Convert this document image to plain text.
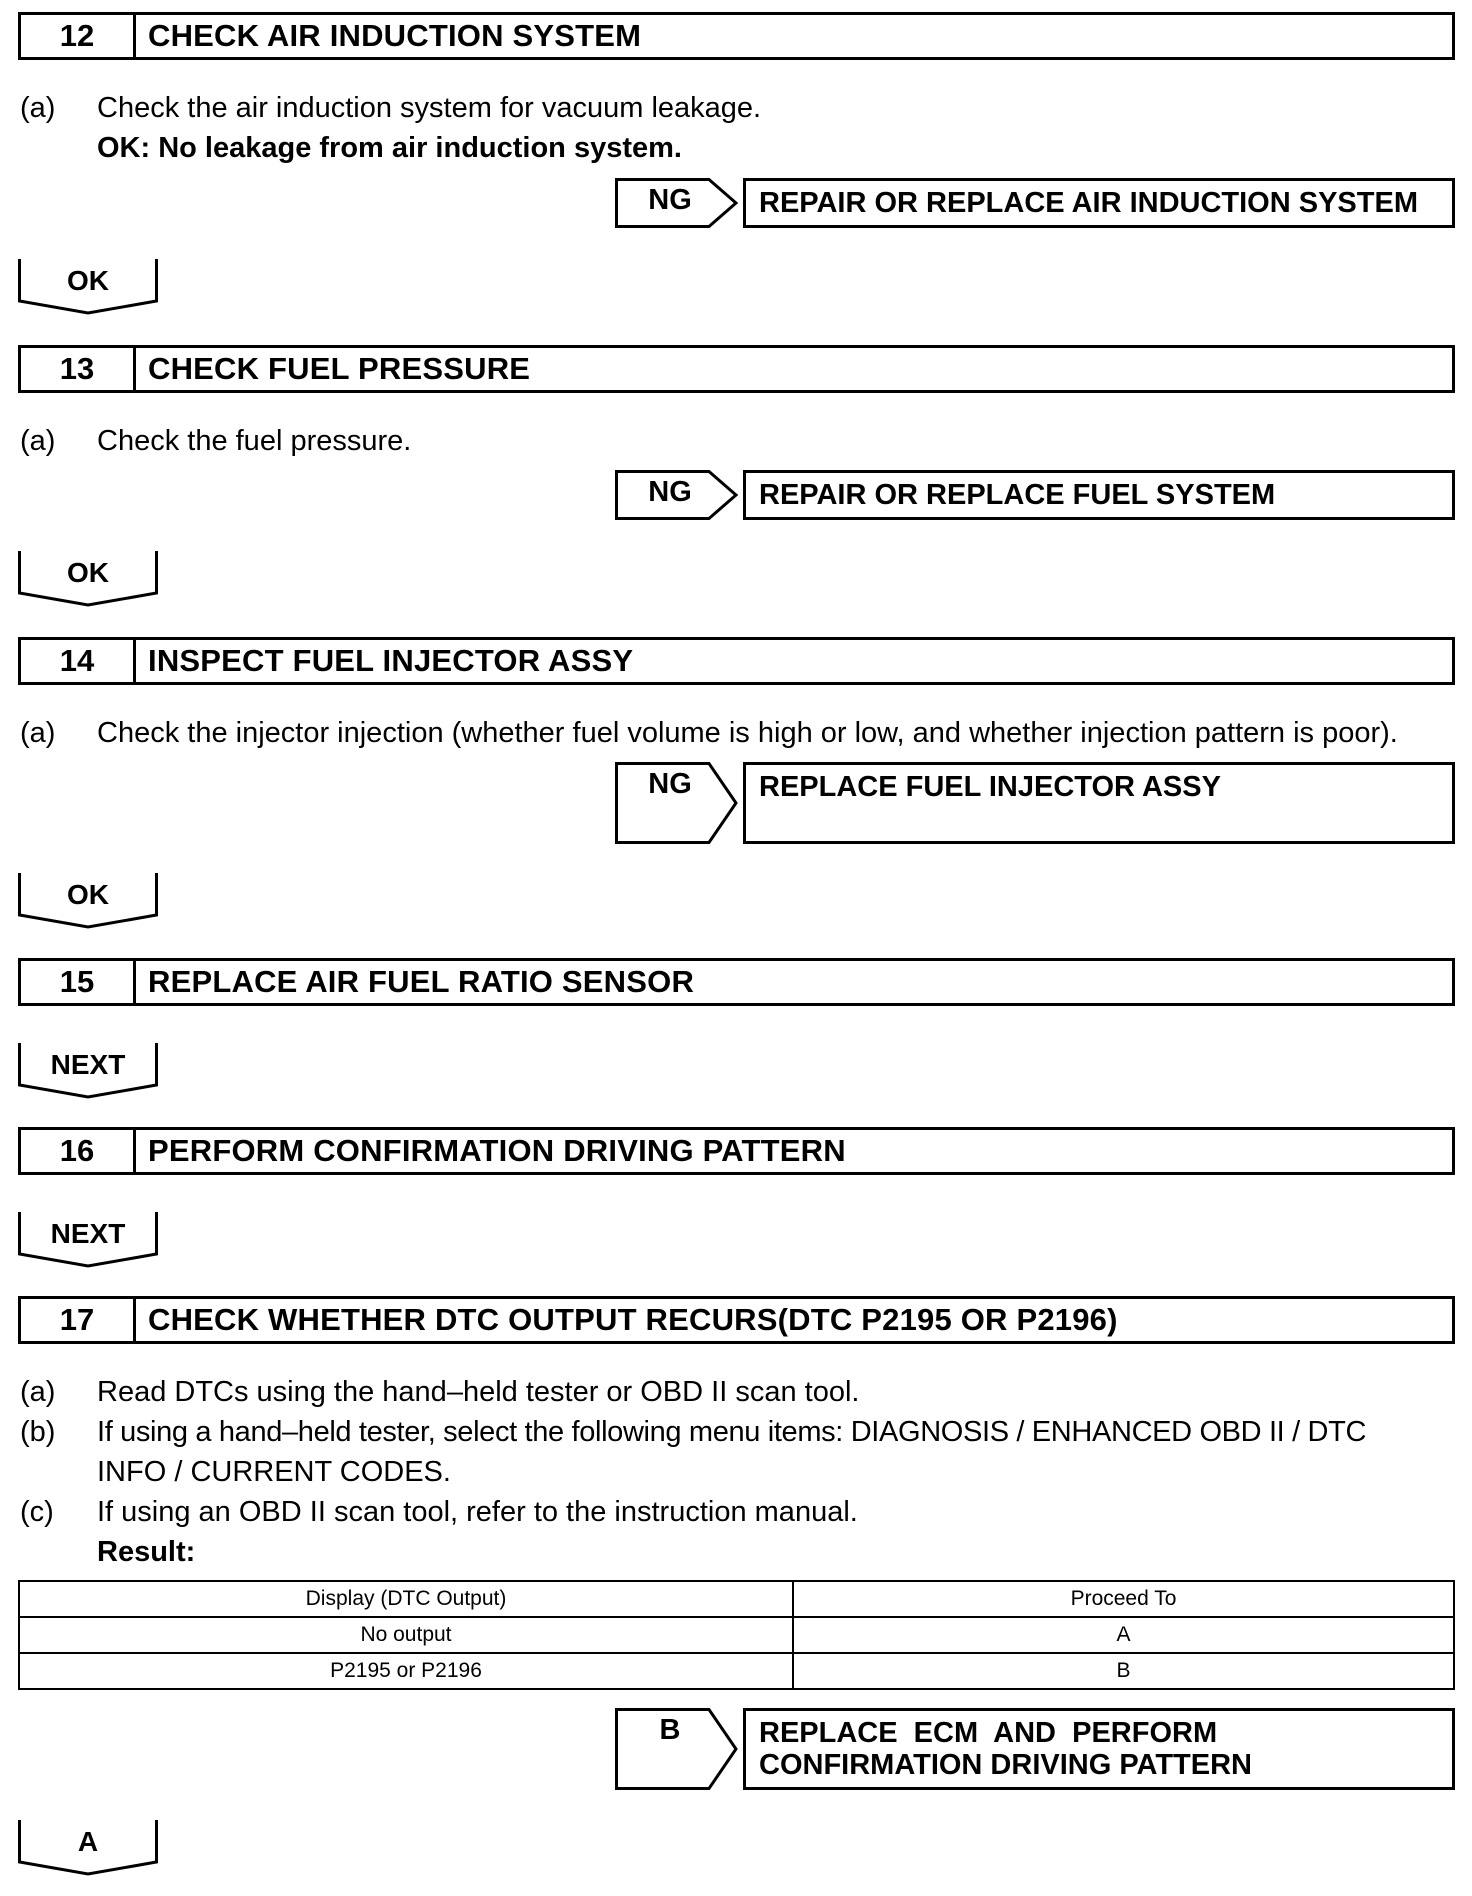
12	CHECK AIR INDUCTION SYSTEM
(a) Check the air induction system for vacuum leakage.
OK: No leakage from air induction system.
NG	REPAIR OR REPLACE AIR INDUCTION SYSTEM
OK
13	CHECK FUEL PRESSURE
(a) Check the fuel pressure.
NG	REPAIR OR REPLACE FUEL SYSTEM
OK
14	INSPECT FUEL INJECTOR ASSY
(a) Check the injector injection (whether fuel volume is high or low, and whether injection pattern is poor).
NG	REPLACE FUEL INJECTOR ASSY
OK
15	REPLACE AIR FUEL RATIO SENSOR
NEXT
16	PERFORM CONFIRMATION DRIVING PATTERN
NEXT
17	CHECK WHETHER DTC OUTPUT RECURS(DTC P2195 OR P2196)
(a) Read DTCs using the hand–held tester or OBD II scan tool.
(b) If using a hand–held tester, select the following menu items: DIAGNOSIS / ENHANCED OBD II / DTC
INFO / CURRENT CODES.
(c) If using an OBD II scan tool, refer to the instruction manual.
Result:
Display (DTC Output)	Proceed To
No output	A
P2195 or P2196	B
B	REPLACE  ECM  AND  PERFORM
CONFIRMATION DRIVING PATTERN
A
